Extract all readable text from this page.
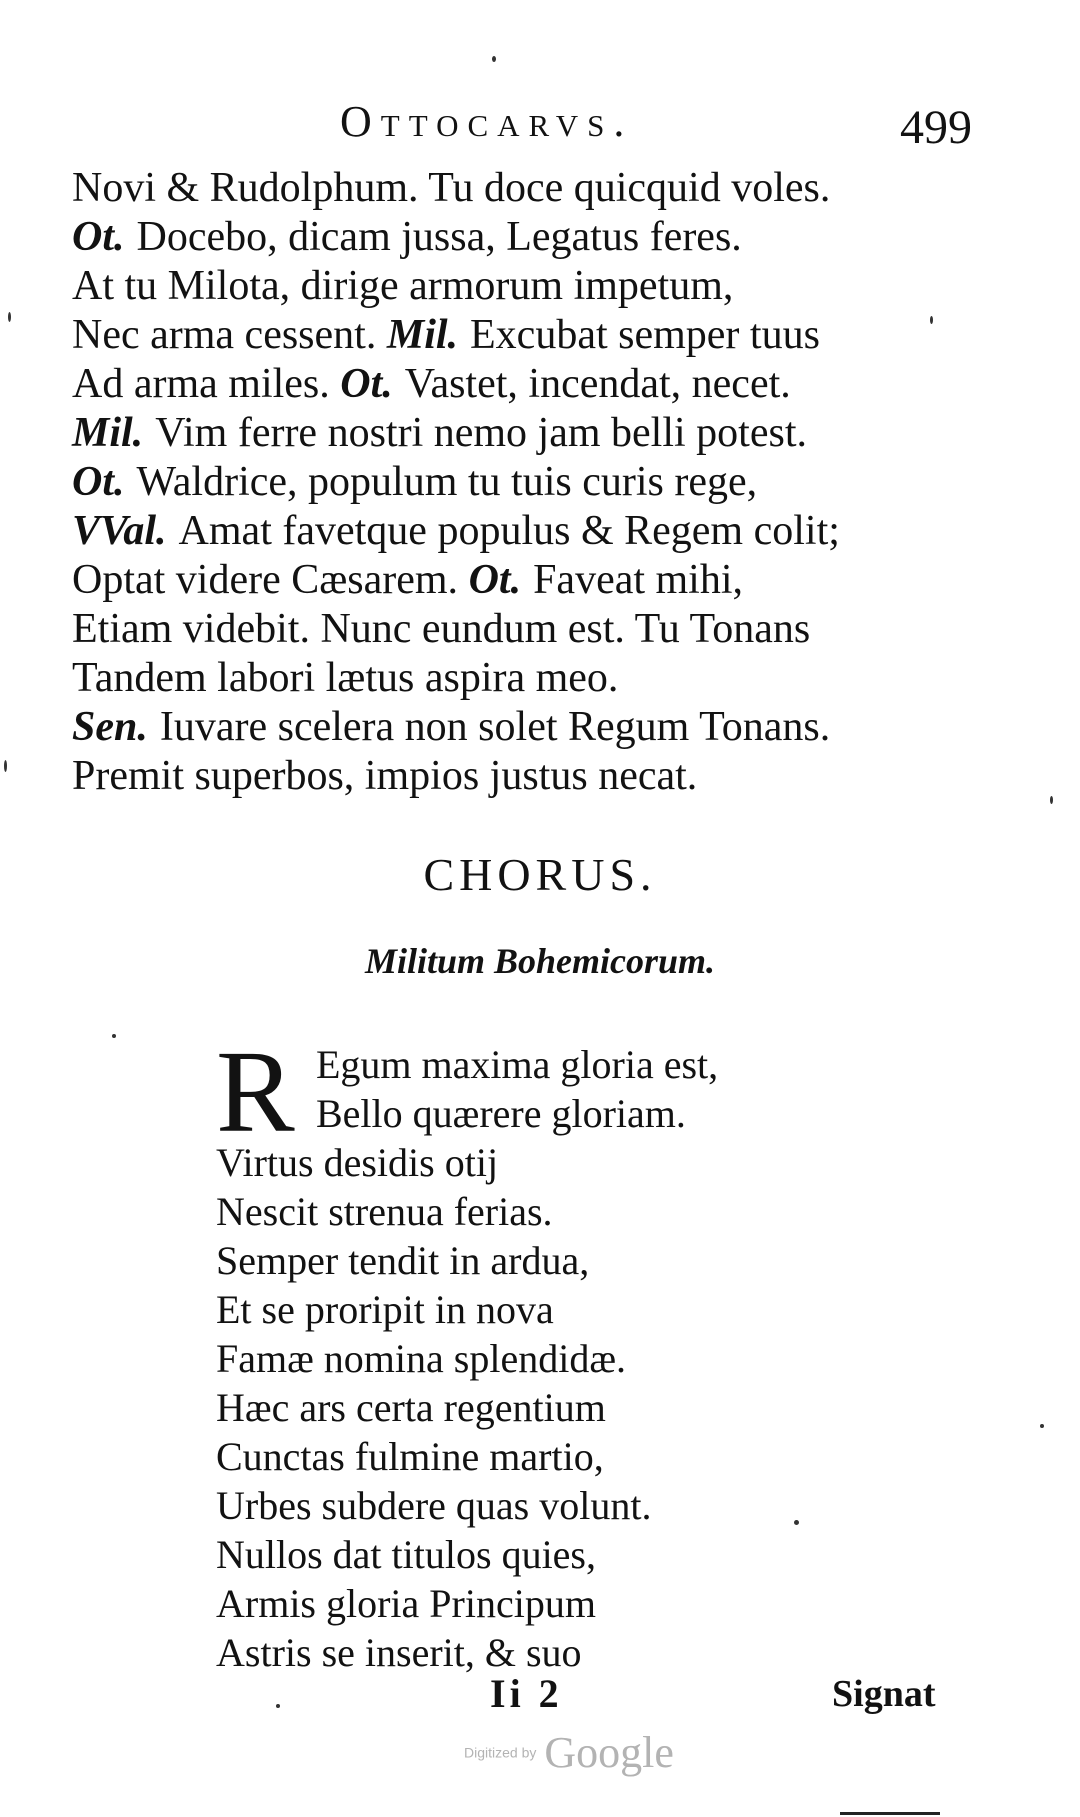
Ottocarvs.	499
Novi & Rudolphum. Tu doce quicquid voles.
Ot. Docebo, dicam jussa, Legatus feres.
At tu Milota, dirige armorum impetum,
Nec arma cessent. Mil. Excubat semper tuus
Ad arma miles. Ot. Vastet, incendat, necet.
Mil. Vim ferre nostri nemo jam belli potest.
Ot. Waldrice, populum tu tuis curis rege,
VVal. Amat favetque populus & Regem colit;
Optat videre Cæsarem. Ot. Faveat mihi,
Etiam videbit. Nunc eundum est. Tu Tonans
Tandem labori lætus aspira meo.
Sen. Iuvare scelera non solet Regum Tonans.
Premit superbos, impios justus necat.
CHORUS.
Militum Bohemicorum.
R Egum maxima gloria est,
Bello quærere gloriam.
Virtus desidis otij
Nescit strenua ferias.
Semper tendit in ardua,
Et se proripit in nova
Famæ nomina splendidæ.
Hæc ars certa regentium
Cunctas fulmine martio,
Urbes subdere quas volunt.
Nullos dat titulos quies,
Armis gloria Principum
Astris se inserit, & suo
Ii 2	Signat
Digitized by Google
